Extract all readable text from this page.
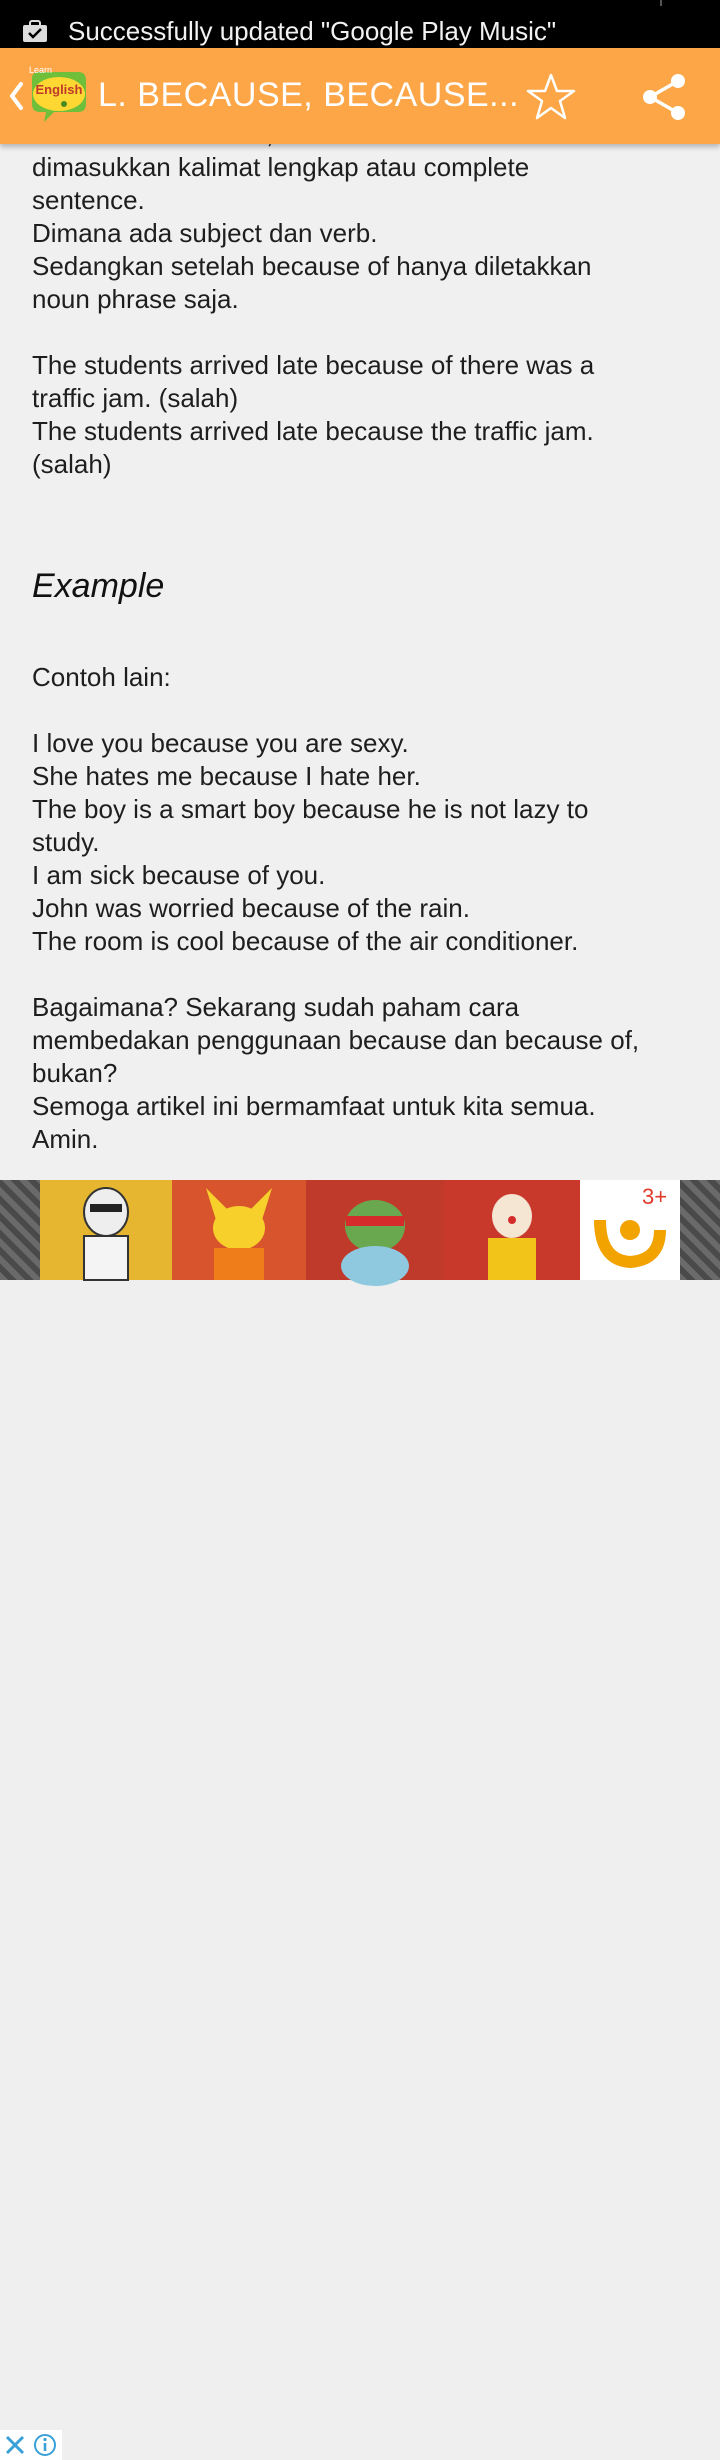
Successfully updated "Google Play Music"
dimasukkan kalimat lengkap atau complete
sentence.
Dimana ada subject dan verb.
Sedangkan setelah because of hanya diletakkan
noun phrase saja.
The students arrived late because of there was a
traffic jam. (salah)
The students arrived late because the traffic jam.
(salah)
Example
Contoh lain:
I love you because you are sexy.
She hates me because I hate her.
The boy is a smart boy because he is not lazy to
study.
I am sick because of you.
John was worried because of the rain.
The room is cool because of the air conditioner.
Bagaimana? Sekarang sudah paham cara
membedakan penggunaan because dan because of,
bukan?
Semoga artikel ini bermamfaat untuk kita semua.
Amin.
Learn
English L. BECAUSE, BECAUSE...
3+
